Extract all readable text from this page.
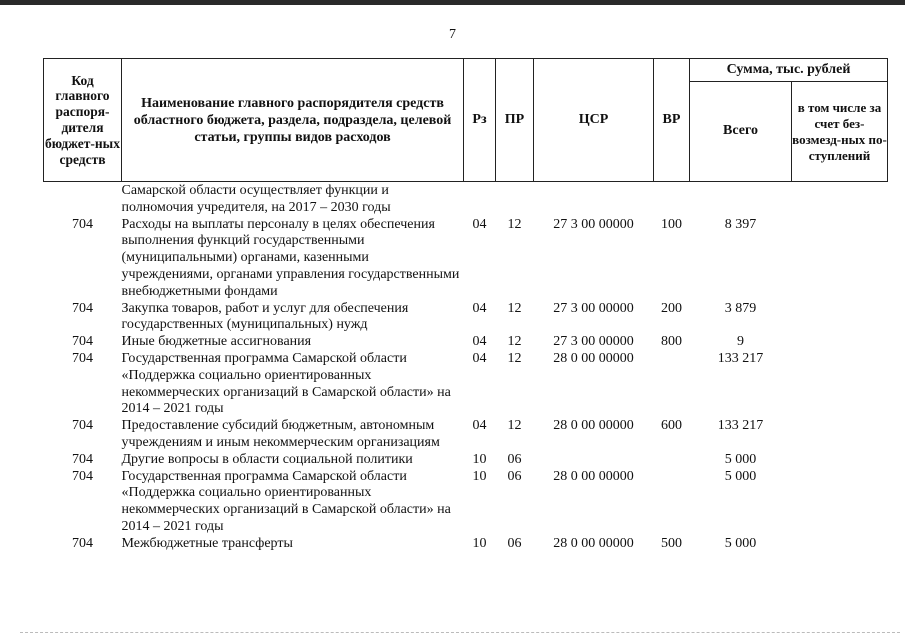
7
Код главного распоря-дителя бюджет-ных средств	Наименование главного распорядителя средств областного бюджета, раздела, подраздела, целевой статьи, группы видов расходов	Рз	ПР	ЦСР	ВР	Сумма, тыс. рублей	
						Всего	в том числе за счет без-возмезд-ных по-ступлений
	Самарской области осуществляет функции и полномочия учредителя, на 2017 – 2030 годы						
704	Расходы на выплаты персоналу в целях обеспечения выполнения функций государственными (муниципальными) органами, казенными учреждениями, органами управления государственными внебюджетными фондами	04	12	27 3 00 00000	100	8 397	
704	Закупка товаров, работ и услуг для обеспечения государственных (муниципальных) нужд	04	12	27 3 00 00000	200	3 879	
704	Иные бюджетные ассигнования	04	12	27 3 00 00000	800	9	
704	Государственная программа Самарской области «Поддержка социально ориентированных некоммерческих организаций в Самарской области» на 2014 – 2021 годы	04	12	28 0 00 00000		133 217	
704	Предоставление субсидий бюджетным, автономным учреждениям и иным некоммерческим организациям	04	12	28 0 00 00000	600	133 217	
704	Другие вопросы в области социальной политики	10	06			5 000	
704	Государственная программа Самарской области «Поддержка социально ориентированных некоммерческих организаций в Самарской области» на 2014 – 2021 годы	10	06	28 0 00 00000		5 000	
704	Межбюджетные трансферты	10	06	28 0 00 00000	500	5 000	
